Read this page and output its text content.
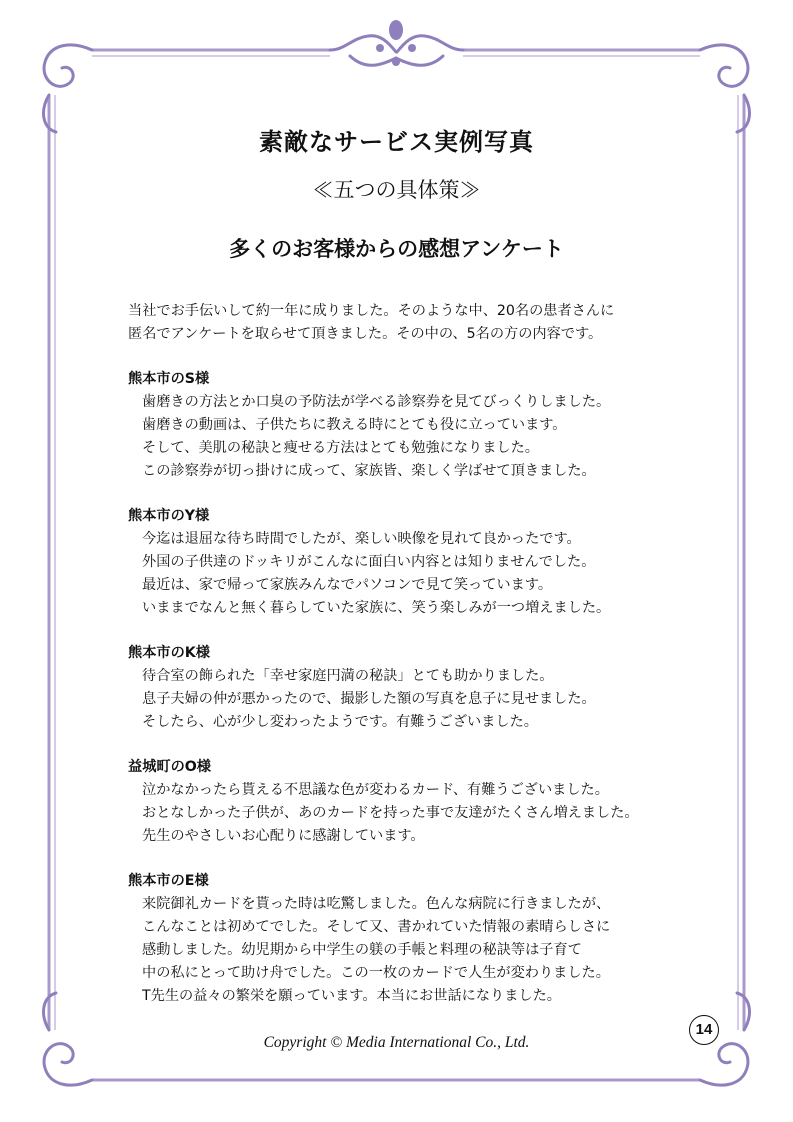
素敵なサービス実例写真
≪五つの具体策≫
多くのお客様からの感想アンケート

当社でお手伝いして約一年に成りました。そのような中、20名の患者さんに

匿名でアンケートを取らせて頂きました。その中の、5名の方の内容です。

熊本市のS様

歯磨きの方法とか口臭の予防法が学べる診察券を見てびっくりしました。

歯磨きの動画は、子供たちに教える時にとても役に立っています。

そして、美肌の秘訣と痩せる方法はとても勉強になりました。

この診察券が切っ掛けに成って、家族皆、楽しく学ばせて頂きました。

熊本市のY様

今迄は退屈な待ち時間でしたが、楽しい映像を見れて良かったです。

外国の子供達のドッキリがこんなに面白い内容とは知りませんでした。

最近は、家で帰って家族みんなでパソコンで見て笑っています。

いままでなんと無く暮らしていた家族に、笑う楽しみが一つ増えました。

熊本市のK様

待合室の飾られた「幸せ家庭円満の秘訣」とても助かりました。

息子夫婦の仲が悪かったので、撮影した額の写真を息子に見せました。

そしたら、心が少し変わったようです。有難うございました。

益城町のO様

泣かなかったら貰える不思議な色が変わるカード、有難うございました。

おとなしかった子供が、あのカードを持った事で友達がたくさん増えました。

先生のやさしいお心配りに感謝しています。

熊本市のE様

来院御礼カードを貰った時は吃驚しました。色んな病院に行きましたが、

こんなことは初めてでした。そして又、書かれていた情報の素晴らしさに

感動しました。幼児期から中学生の躾の手帳と料理の秘訣等は子育て

中の私にとって助け舟でした。この一枚のカードで人生が変わりました。

T先生の益々の繁栄を願っています。本当にお世話になりました。

Copyright © Media International Co., Ltd.
14
